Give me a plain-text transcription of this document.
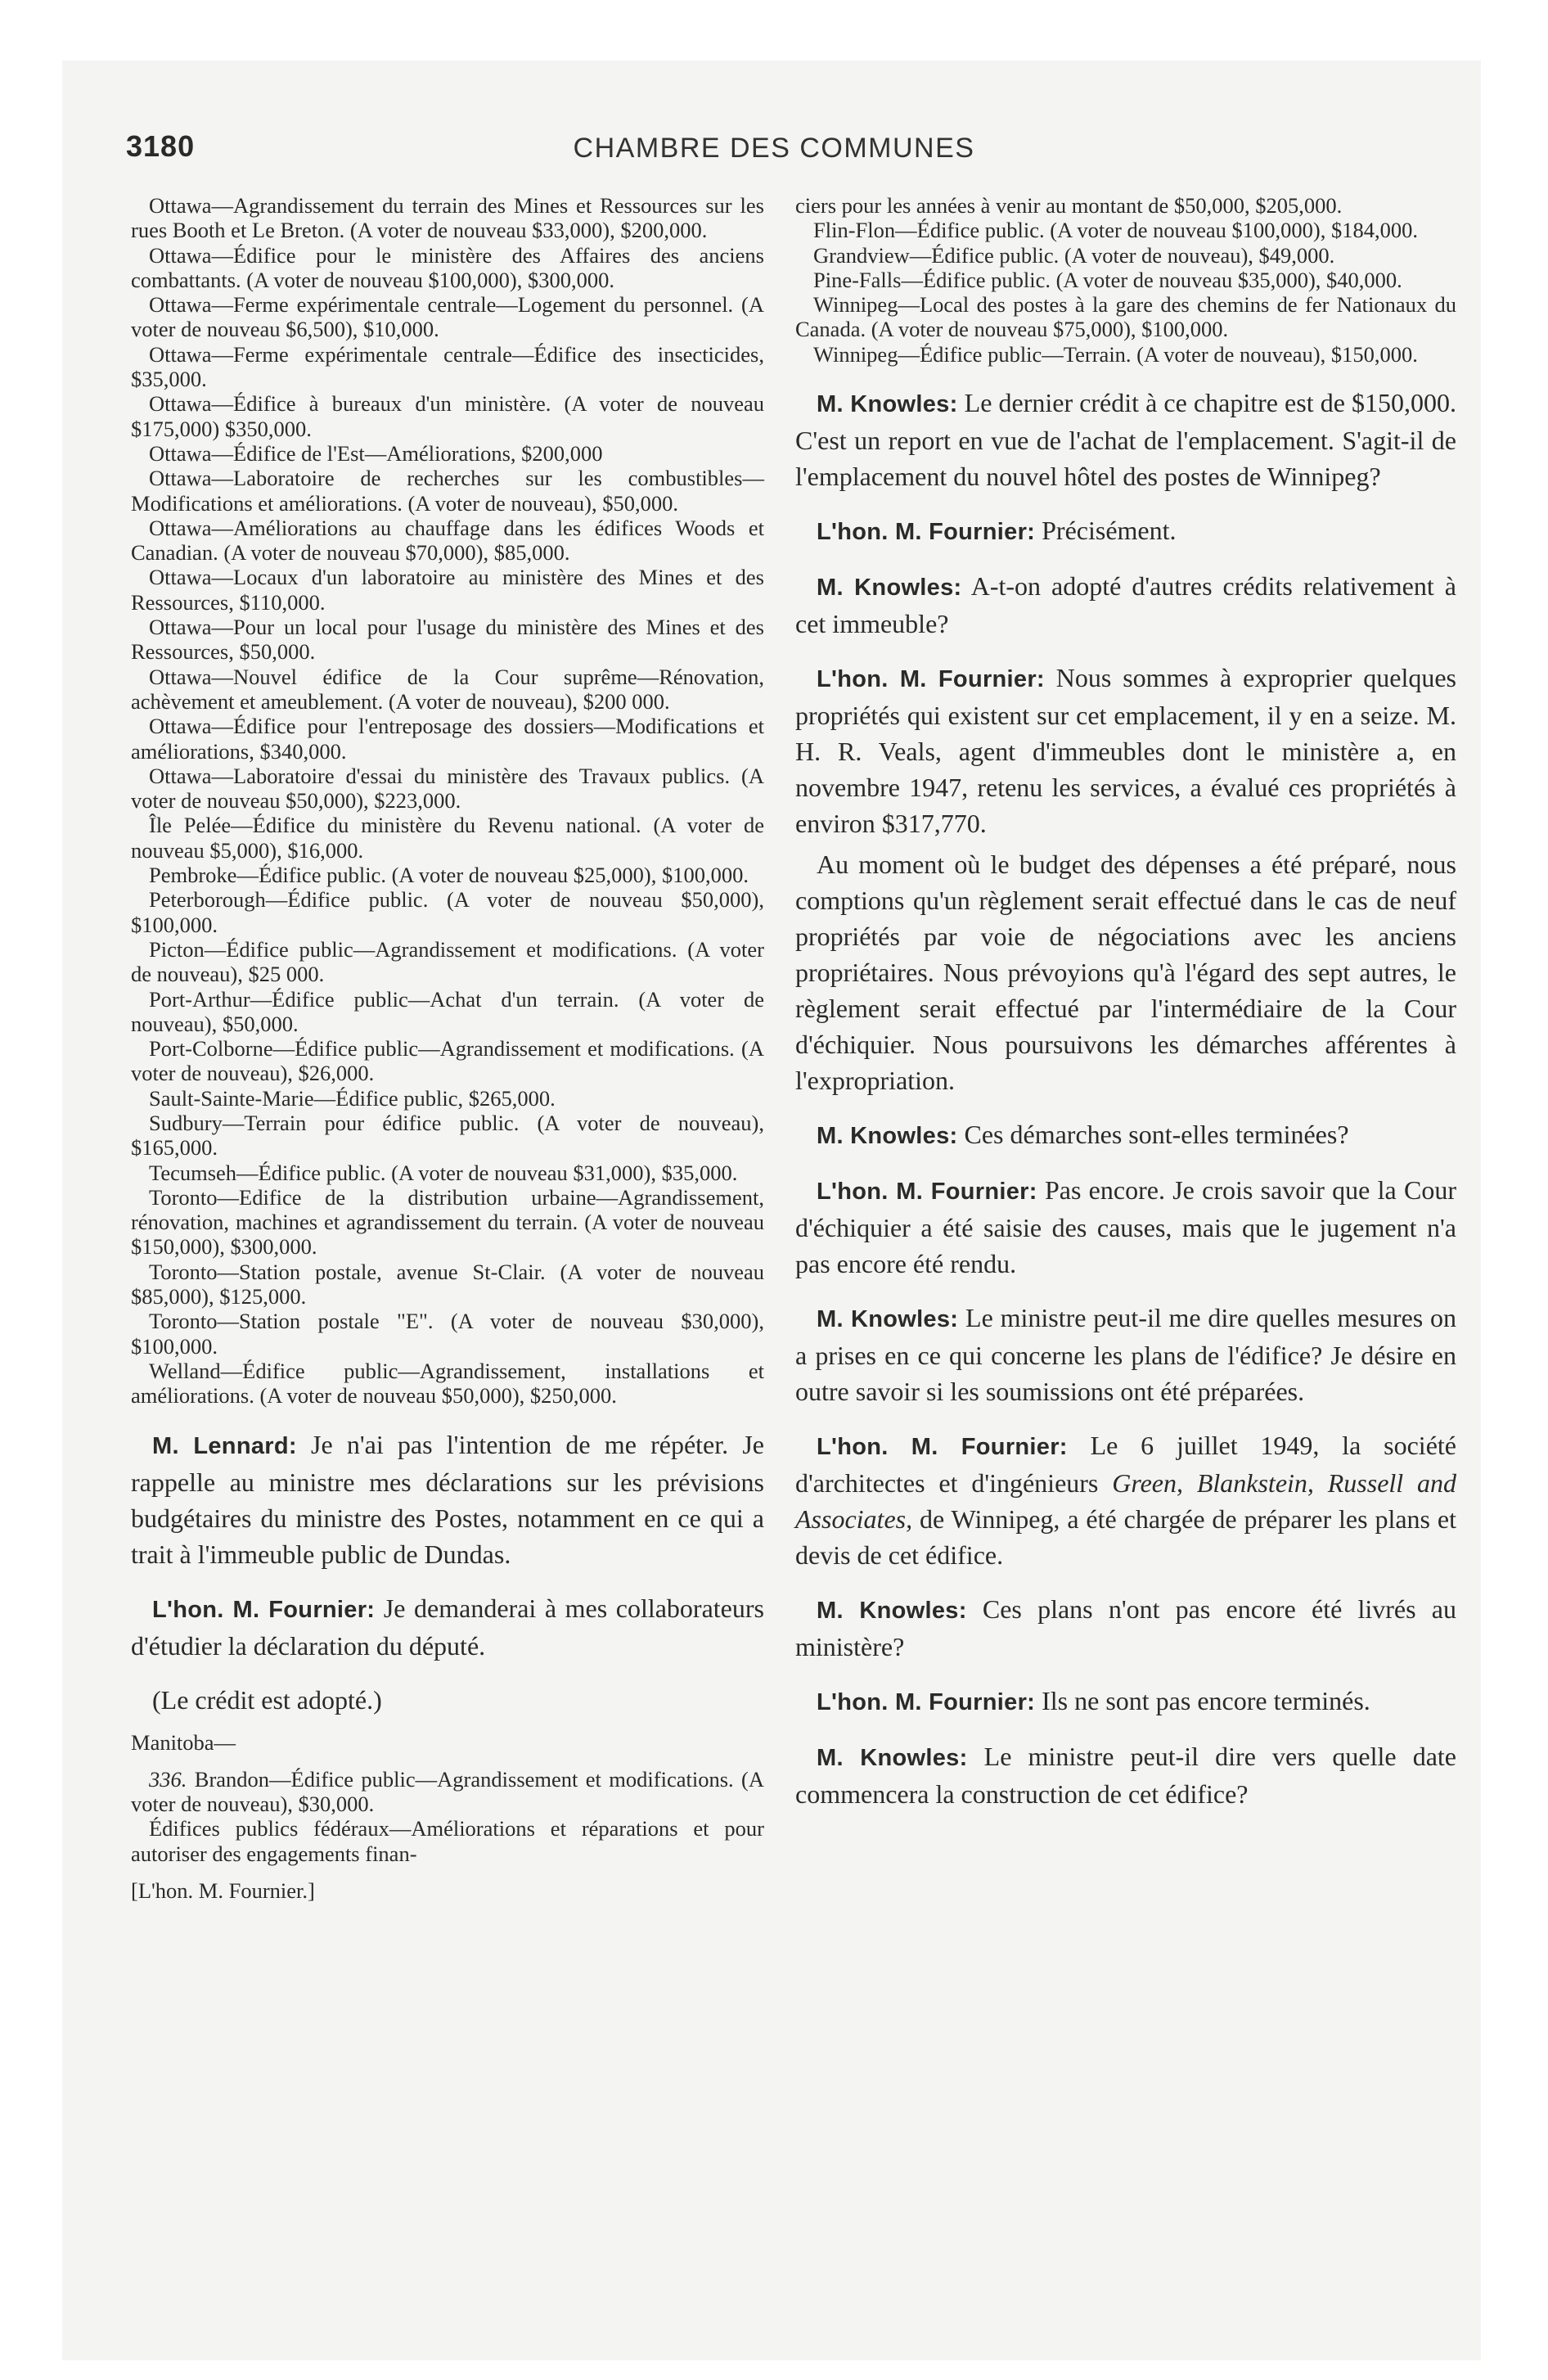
3180	CHAMBRE DES COMMUNES

Ottawa—Agrandissement du terrain des Mines et Ressources sur les rues Booth et Le Breton. (A voter de nouveau $33,000), $200,000.

Ottawa—Édifice pour le ministère des Affaires des anciens combattants. (A voter de nouveau $100,000), $300,000.

Ottawa—Ferme expérimentale centrale—Logement du personnel. (A voter de nouveau $6,500), $10,000.

Ottawa—Ferme expérimentale centrale—Édifice des insecticides, $35,000.

Ottawa—Édifice à bureaux d'un ministère. (A voter de nouveau $175,000) $350,000.

Ottawa—Édifice de l'Est—Améliorations, $200,000

Ottawa—Laboratoire de recherches sur les combustibles—Modifications et améliorations. (A voter de nouveau), $50,000.

Ottawa—Améliorations au chauffage dans les édifices Woods et Canadian. (A voter de nouveau $70,000), $85,000.

Ottawa—Locaux d'un laboratoire au ministère des Mines et des Ressources, $110,000.

Ottawa—Pour un local pour l'usage du ministère des Mines et des Ressources, $50,000.

Ottawa—Nouvel édifice de la Cour suprême—Rénovation, achèvement et ameublement. (A voter de nouveau), $200 000.

Ottawa—Édifice pour l'entreposage des dossiers—Modifications et améliorations, $340,000.

Ottawa—Laboratoire d'essai du ministère des Travaux publics. (A voter de nouveau $50,000), $223,000.

Île Pelée—Édifice du ministère du Revenu national. (A voter de nouveau $5,000), $16,000.

Pembroke—Édifice public. (A voter de nouveau $25,000), $100,000.

Peterborough—Édifice public. (A voter de nouveau $50,000), $100,000.

Picton—Édifice public—Agrandissement et modifications. (A voter de nouveau), $25 000.

Port-Arthur—Édifice public—Achat d'un terrain. (A voter de nouveau), $50,000.

Port-Colborne—Édifice public—Agrandissement et modifications. (A voter de nouveau), $26,000.

Sault-Sainte-Marie—Édifice public, $265,000.

Sudbury—Terrain pour édifice public. (A voter de nouveau), $165,000.

Tecumseh—Édifice public. (A voter de nouveau $31,000), $35,000.

Toronto—Edifice de la distribution urbaine—Agrandissement, rénovation, machines et agrandissement du terrain. (A voter de nouveau $150,000), $300,000.

Toronto—Station postale, avenue St-Clair. (A voter de nouveau $85,000), $125,000.

Toronto—Station postale "E". (A voter de nouveau $30,000), $100,000.

Welland—Édifice public—Agrandissement, installations et améliorations. (A voter de nouveau $50,000), $250,000.

M. Lennard: Je n'ai pas l'intention de me répéter. Je rappelle au ministre mes déclarations sur les prévisions budgétaires du ministre des Postes, notamment en ce qui a trait à l'immeuble public de Dundas.

L'hon. M. Fournier: Je demanderai à mes collaborateurs d'étudier la déclaration du député.

(Le crédit est adopté.)

Manitoba—

336. Brandon—Édifice public—Agrandissement et modifications. (A voter de nouveau), $30,000.

Édifices publics fédéraux—Améliorations et réparations et pour autoriser des engagements finan-

[L'hon. M. Fournier.]

ciers pour les années à venir au montant de $50,000, $205,000.

Flin-Flon—Édifice public. (A voter de nouveau $100,000), $184,000.

Grandview—Édifice public. (A voter de nouveau), $49,000.

Pine-Falls—Édifice public. (A voter de nouveau $35,000), $40,000.

Winnipeg—Local des postes à la gare des chemins de fer Nationaux du Canada. (A voter de nouveau $75,000), $100,000.

Winnipeg—Édifice public—Terrain. (A voter de nouveau), $150,000.

M. Knowles: Le dernier crédit à ce chapitre est de $150,000. C'est un report en vue de l'achat de l'emplacement. S'agit-il de l'emplacement du nouvel hôtel des postes de Winnipeg?

L'hon. M. Fournier: Précisément.

M. Knowles: A-t-on adopté d'autres crédits relativement à cet immeuble?

L'hon. M. Fournier: Nous sommes à exproprier quelques propriétés qui existent sur cet emplacement, il y en a seize. M. H. R. Veals, agent d'immeubles dont le ministère a, en novembre 1947, retenu les services, a évalué ces propriétés à environ $317,770.

Au moment où le budget des dépenses a été préparé, nous comptions qu'un règlement serait effectué dans le cas de neuf propriétés par voie de négociations avec les anciens propriétaires. Nous prévoyions qu'à l'égard des sept autres, le règlement serait effectué par l'intermédiaire de la Cour d'échiquier. Nous poursuivons les démarches afférentes à l'expropriation.

M. Knowles: Ces démarches sont-elles terminées?

L'hon. M. Fournier: Pas encore. Je crois savoir que la Cour d'échiquier a été saisie des causes, mais que le jugement n'a pas encore été rendu.

M. Knowles: Le ministre peut-il me dire quelles mesures on a prises en ce qui concerne les plans de l'édifice? Je désire en outre savoir si les soumissions ont été préparées.

L'hon. M. Fournier: Le 6 juillet 1949, la société d'architectes et d'ingénieurs Green, Blankstein, Russell and Associates, de Winnipeg, a été chargée de préparer les plans et devis de cet édifice.

M. Knowles: Ces plans n'ont pas encore été livrés au ministère?

L'hon. M. Fournier: Ils ne sont pas encore terminés.

M. Knowles: Le ministre peut-il dire vers quelle date commencera la construction de cet édifice?
